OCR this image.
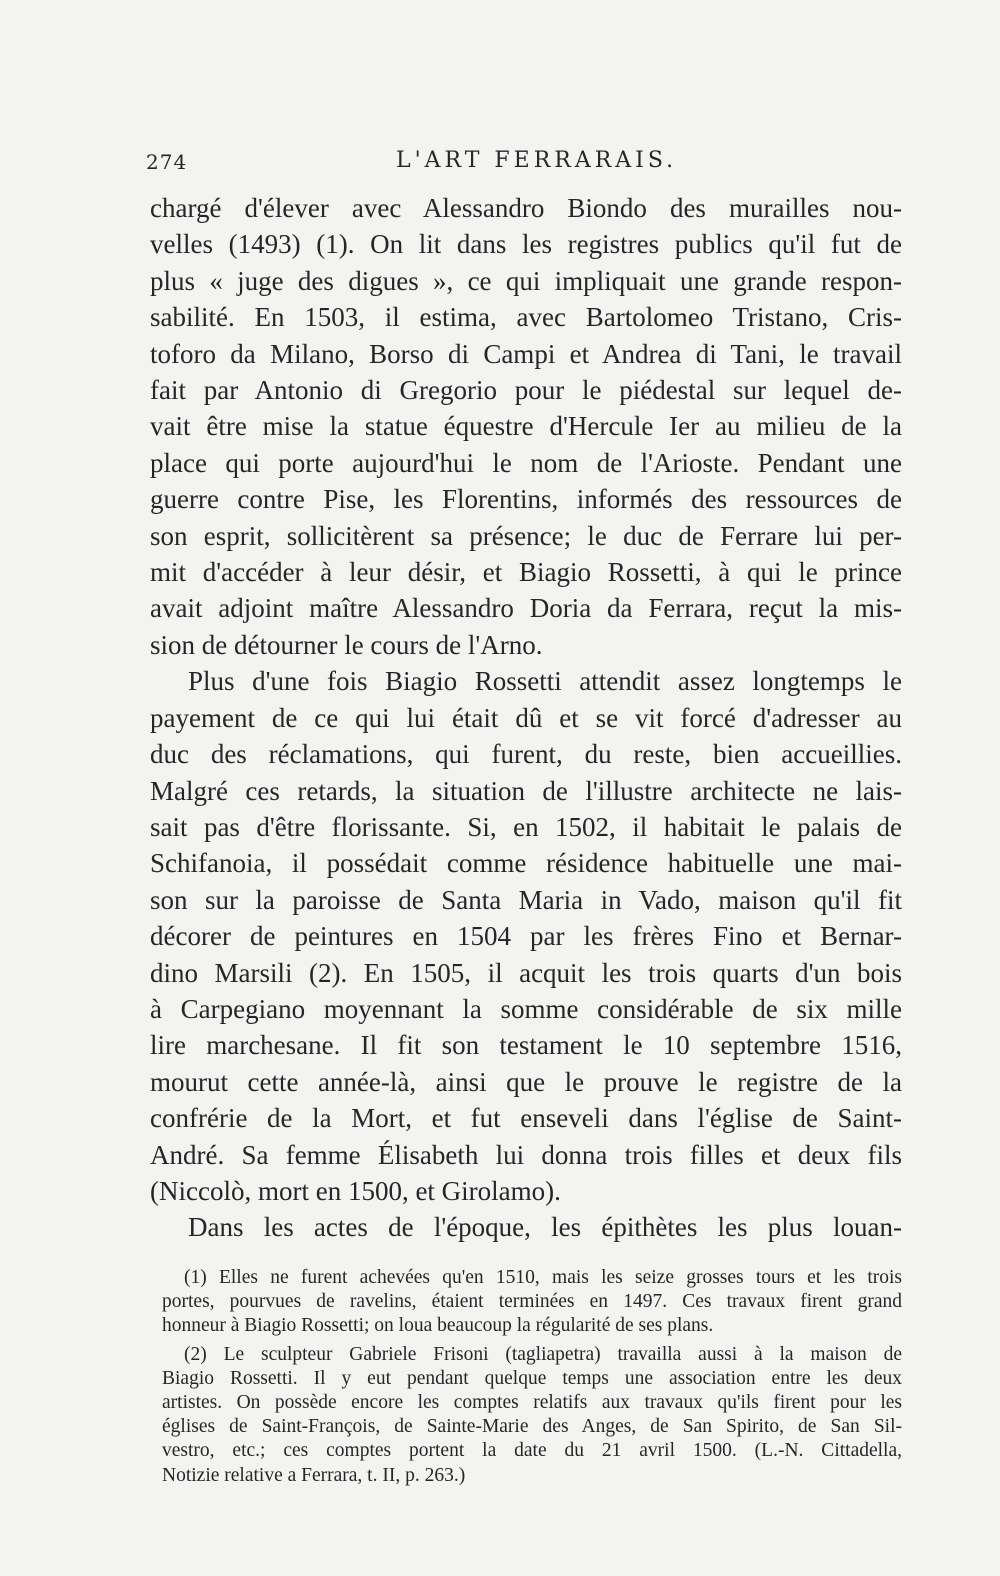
274	L'ART FERRARAIS.
chargé d'élever avec Alessandro Biondo des murailles nou-
velles (1493) (1). On lit dans les registres publics qu'il fut de
plus « juge des digues », ce qui impliquait une grande respon-
sabilité. En 1503, il estima, avec Bartolomeo Tristano, Cris-
toforo da Milano, Borso di Campi et Andrea di Tani, le travail
fait par Antonio di Gregorio pour le piédestal sur lequel de-
vait être mise la statue équestre d'Hercule Ier au milieu de la
place qui porte aujourd'hui le nom de l'Arioste. Pendant une
guerre contre Pise, les Florentins, informés des ressources de
son esprit, sollicitèrent sa présence; le duc de Ferrare lui per-
mit d'accéder à leur désir, et Biagio Rossetti, à qui le prince
avait adjoint maître Alessandro Doria da Ferrara, reçut la mis-
sion de détourner le cours de l'Arno.
Plus d'une fois Biagio Rossetti attendit assez longtemps le
payement de ce qui lui était dû et se vit forcé d'adresser au
duc des réclamations, qui furent, du reste, bien accueillies.
Malgré ces retards, la situation de l'illustre architecte ne lais-
sait pas d'être florissante. Si, en 1502, il habitait le palais de
Schifanoia, il possédait comme résidence habituelle une mai-
son sur la paroisse de Santa Maria in Vado, maison qu'il fit
décorer de peintures en 1504 par les frères Fino et Bernar-
dino Marsili (2). En 1505, il acquit les trois quarts d'un bois
à Carpegiano moyennant la somme considérable de six mille
lire marchesane. Il fit son testament le 10 septembre 1516,
mourut cette année-là, ainsi que le prouve le registre de la
confrérie de la Mort, et fut enseveli dans l'église de Saint-
André. Sa femme Élisabeth lui donna trois filles et deux fils
(Niccolò, mort en 1500, et Girolamo).
Dans les actes de l'époque, les épithètes les plus louan-
(1) Elles ne furent achevées qu'en 1510, mais les seize grosses tours et les trois
portes, pourvues de ravelins, étaient terminées en 1497. Ces travaux firent grand
honneur à Biagio Rossetti; on loua beaucoup la régularité de ses plans.
(2) Le sculpteur Gabriele Frisoni (tagliapetra) travailla aussi à la maison de
Biagio Rossetti. Il y eut pendant quelque temps une association entre les deux
artistes. On possède encore les comptes relatifs aux travaux qu'ils firent pour les
églises de Saint-François, de Sainte-Marie des Anges, de San Spirito, de San Sil-
vestro, etc.; ces comptes portent la date du 21 avril 1500. (L.-N. Cittadella,
Notizie relative a Ferrara, t. II, p. 263.)
